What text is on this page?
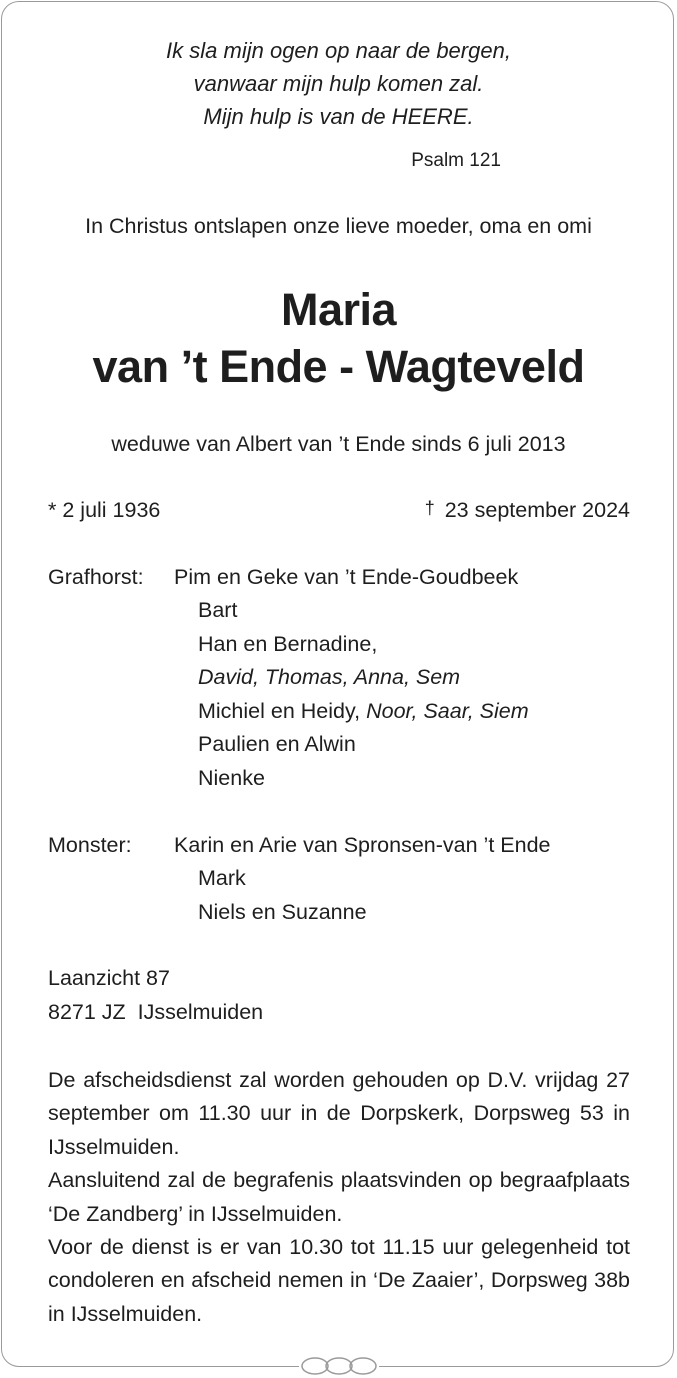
Ik sla mijn ogen op naar de bergen,
vanwaar mijn hulp komen zal.
Mijn hulp is van de HEERE.
Psalm 121
In Christus ontslapen onze lieve moeder, oma en omi
Maria
van ’t Ende - Wagteveld
weduwe van Albert van ’t Ende sinds 6 juli 2013
* 2 juli 1936	† 23 september 2024
Grafhorst: Pim en Geke van ’t Ende-Goudbeek
Bart
Han en Bernadine,
David, Thomas, Anna, Sem
Michiel en Heidy, Noor, Saar, Siem
Paulien en Alwin
Nienke
Monster: Karin en Arie van Spronsen-van ’t Ende
Mark
Niels en Suzanne
Laanzicht 87
8271 JZ IJsselmuiden

De afscheidsdienst zal worden gehouden op D.V. vrijdag 27 september om 11.30 uur in de Dorpskerk, Dorpsweg 53 in IJsselmuiden.

Aansluitend zal de begrafenis plaatsvinden op begraafplaats ‘De Zandberg’ in IJsselmuiden.

Voor de dienst is er van 10.30 tot 11.15 uur gelegenheid tot condoleren en afscheid nemen in ‘De Zaaier’, Dorpsweg 38b in IJsselmuiden.
